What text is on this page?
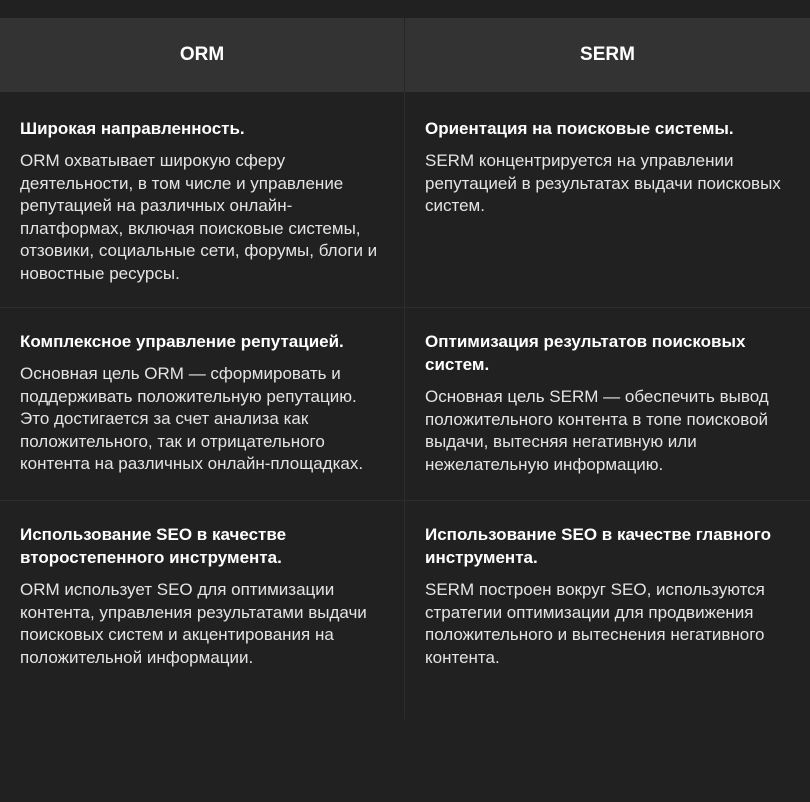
ORM	SERM

Широкая направленность.

ORM охватывает широкую сферу деятельности, в том числе и управление репутацией на различных онлайн-платформах, включая поисковые системы, отзовики, социальные сети, форумы, блоги и новостные ресурсы.

Ориентация на поисковые системы.

SERM концентрируется на управлении репутацией в результатах выдачи поисковых систем.

Комплексное управление репутацией.

Основная цель ORM — сформировать и поддерживать положительную репутацию. Это достигается за счет анализа как положительного, так и отрицательного контента на различных онлайн-площадках.

Оптимизация результатов поисковых систем.

Основная цель SERM — обеспечить вывод положительного контента в топе поисковой выдачи, вытесняя негативную или нежелательную информацию.

Использование SEO в качестве второстепенного инструмента.

ORM использует SEO для оптимизации контента, управления результатами выдачи поисковых систем и акцентирования на положительной информации.

Использование SEO в качестве главного инструмента.

SERM построен вокруг SEO, используются стратегии оптимизации для продвижения положительного и вытеснения негативного контента.
